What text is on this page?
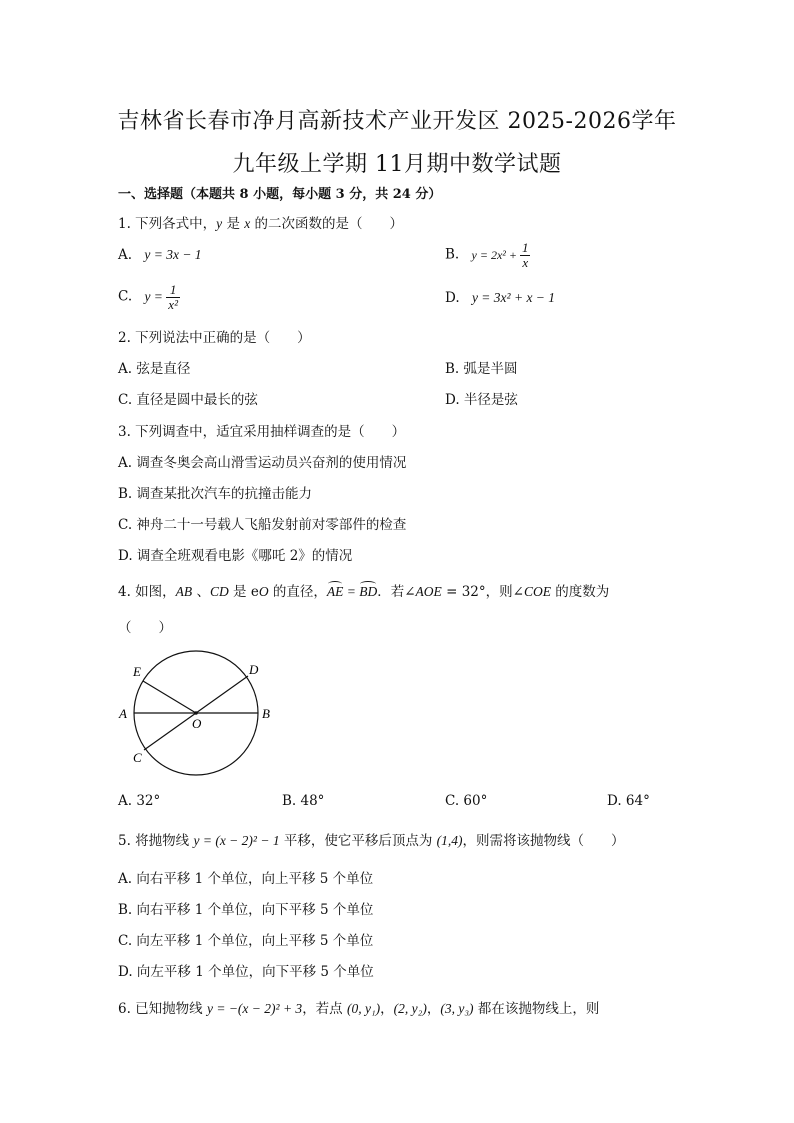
吉林省长春市净月高新技术产业开发区 2025-2026学年
九年级上学期 11月期中数学试题
一、选择题（本题共 8 小题，每小题 3 分，共 24 分）
1. 下列各式中，y 是 x 的二次函数的是（　　）
A. y = 3x − 1	B. $y = 2x^2 + \frac{1}{x}$
C. $y = \frac{1}{\text{x²}}$	D. y = 3x² + x − 1
2. 下列说法中正确的是（　　）
A. 弦是直径	B. 弧是半圆
C. 直径是圆中最长的弦	D. 半径是弦
3. 下列调查中，适宜采用抽样调查的是（　　）
A. 调查冬奥会高山滑雪运动员兴奋剂的使用情况
B. 调查某批次汽车的抗撞击能力
C. 神舟二十一号载人飞船发射前对零部件的检查
D. 调查全班观看电影《哪吒 2》的情况
4. 如图，AB 、CD 是 eO 的直径，AE = BD．若∠AOE = 32°，则∠COE 的度数为
（　　）
E	D
A	B
O
C
A. 32°	B. 48°	C. 60°	D. 64°
5. 将抛物线 y = (x − 2)² − 1 平移，使它平移后顶点为 (1,4)，则需将该抛物线（　　）
A. 向右平移 1 个单位，向上平移 5 个单位
B. 向右平移 1 个单位，向下平移 5 个单位
C. 向左平移 1 个单位，向上平移 5 个单位
D. 向左平移 1 个单位，向下平移 5 个单位
6. 已知抛物线 y = −(x − 2)² + 3，若点 (0, y₁)，(2, y₂)，(3, y₃) 都在该抛物线上，则
